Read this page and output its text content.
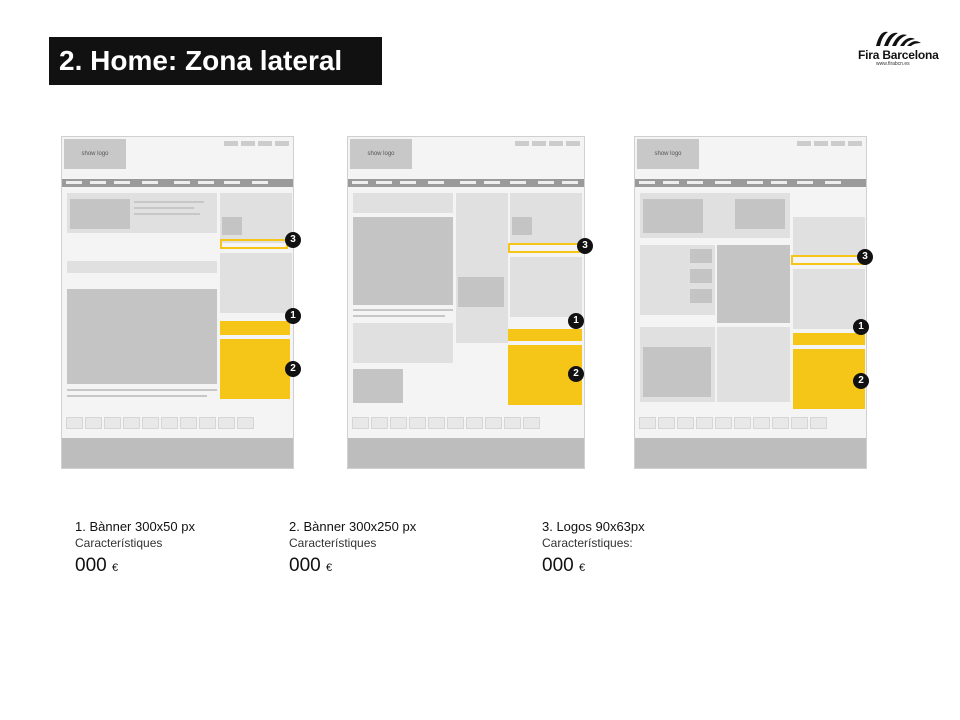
2. Home: Zona lateral	Fira Barcelona
www.firabcn.es
show logo	show logo	show logo
3
1
2
3
1
2
3
1
2
1. Bànner 300x50 px
Característiques
000 €
2. Bànner 300x250 px
Característiques
000 €
3. Logos 90x63px
Característiques:
000 €
